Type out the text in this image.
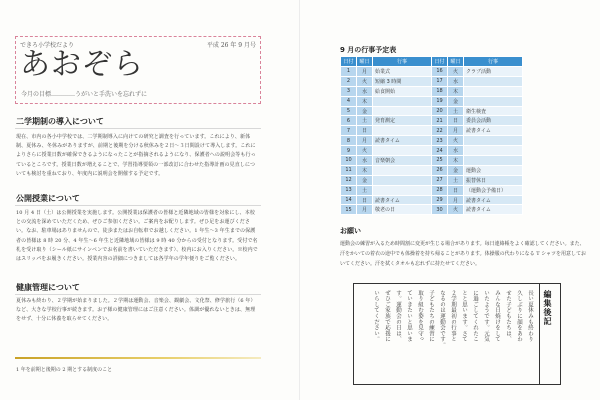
できろ小学校だより	平成 26 年 9 月号
あおぞら
今月の目標…………うがいと手洗いを忘れずに
二学期制の導入について
現在、市内の各小中学校では、二学期制導入に向けての研究と調査を行っています。これにより、新体制、夏休み、冬休みがありますが、前期と後期を分ける秋休みを２日〜３日間設けて導入します。これによりさらに授業日数が確保できるようになったことが指摘されるようになり、保護者への説明会等も行っているところです。授業日数が増えることで、学習指導要領の一部改訂に合わせた指導計画の見直しについても検討を重ねており、年度内に説明会を開催する予定です。
公開授業について
10 月 4 日（土）は公開授業を実施します。公開授業は保護者の皆様と近隣地域の皆様を対象にし、本校との交流を深めていただくため、ぜひご参加ください。ご案内をお配りします。ぜひ足をお運びください。なお、駐車場はありませんので、徒歩またはお自転車でお越しください。1 年生〜3 年生までの保護者の皆様は 8 時 20 分、4 年生〜6 年生と近隣地域の皆様は 9 時 40 分からの受付となります。受付で名札を受け取り（シール紙にサインペンでお名前を書いていただきます）、校内にお入りください。※校内ではスリッパをお履きください。授業内容の詳細につきましては各学年の学年便りをご覧ください。
健康管理について
夏休みも終わり、２学期が始まりました。２学期は運動会、音楽会、観劇会、文化祭、修学旅行（6 年）など、大きな学校行事が続きます。お子様の健康管理にはご注意ください。体調が優れないときは、無理をせず、十分に休養を取らせてください。
1 年を前期と後期の 2 期とする制度のこと
9 月の行事予定表
日付	曜日	行事	日付	曜日	行事
1	月	始業式	16	火	クラブ活動
2	火	短縮 3 時間	17	水	
3	水	給食開始	18	木	
4	木		19	金	
5	金		20	土	衛生検査
6	土	発育測定	21	日	委員会活動
7	日		22	月	読書タイム
8	月	読書タイム	23	火	
9	火		24	水	
10	水	音楽朝会	25	木	
11	木		26	金	運動会
12	金		27	土	振替休日
13	土		28	日	（運動会予備日）
14	日	読書タイム	29	月	読書タイム
15	月	敬老の日	30	火	読書タイム
お願い
運動会の練習が入るため時間割に変更が生じる場合があります。毎日連絡帳をよく確認してください。また、汗をかいての着衣の途中でも体操着を持ち帰ることがあります。体操服の代わりになる T シャツを用意しておいてください。汗を拭くタオルも忘れずに持たせてください。
編集後記
長い夏休みも終わり
久しぶりに顔をあわ
せた子どもたちは、
みんな日焼けをして
いたようです。元気
に過ごしてくれたこ
とと思います。さて
２学期最初の行事と
なるのは運動会です。
子どもたちの練習に
取り組む姿を見守っ
ていきたいと思いま
す。運動会の日は、
ぜひご家族で応援に
いらしてください。
